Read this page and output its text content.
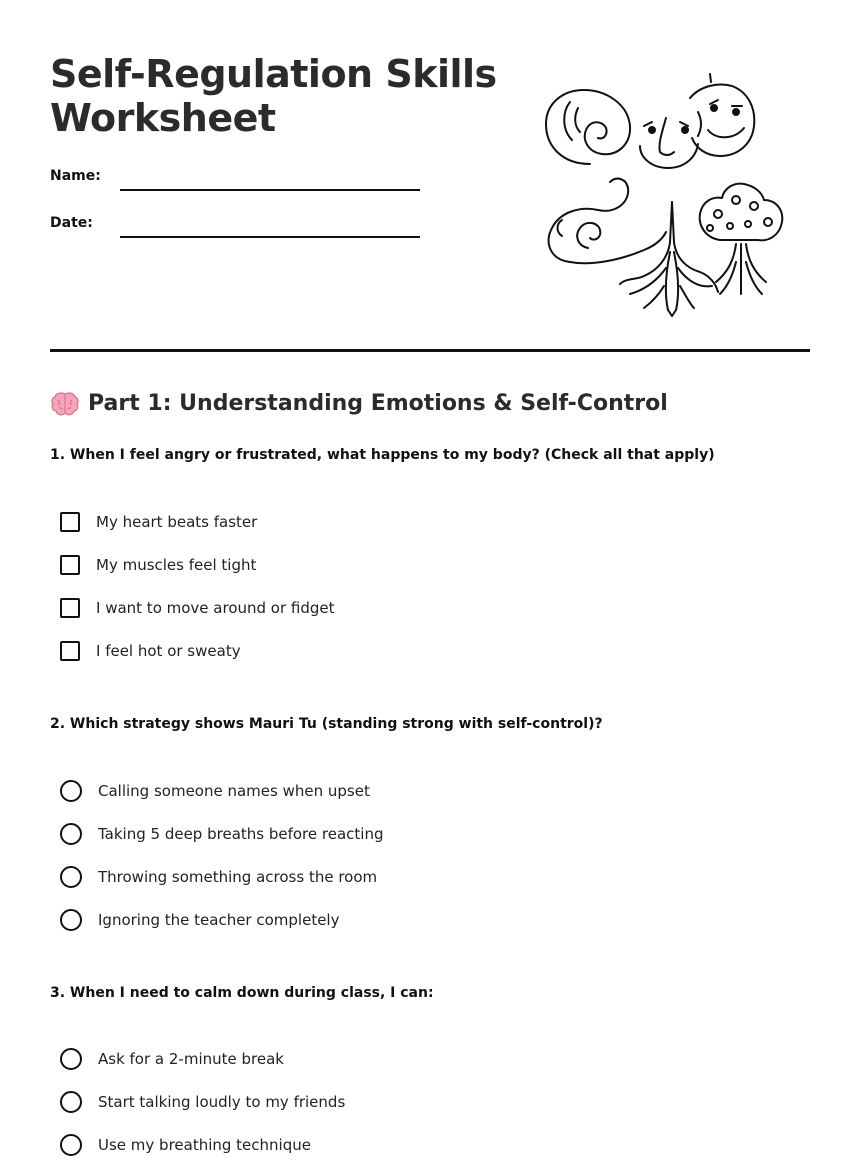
Self-Regulation Skills Worksheet
Name:
Date:
Part 1: Understanding Emotions & Self-Control

1. When I feel angry or frustrated, what happens to my body? (Check all that apply)

My heart beats faster
My muscles feel tight
I want to move around or fidget
I feel hot or sweaty

2. Which strategy shows Mauri Tu (standing strong with self-control)?

Calling someone names when upset
Taking 5 deep breaths before reacting
Throwing something across the room
Ignoring the teacher completely

3. When I need to calm down during class, I can:

Ask for a 2-minute break
Start talking loudly to my friends
Use my breathing technique
